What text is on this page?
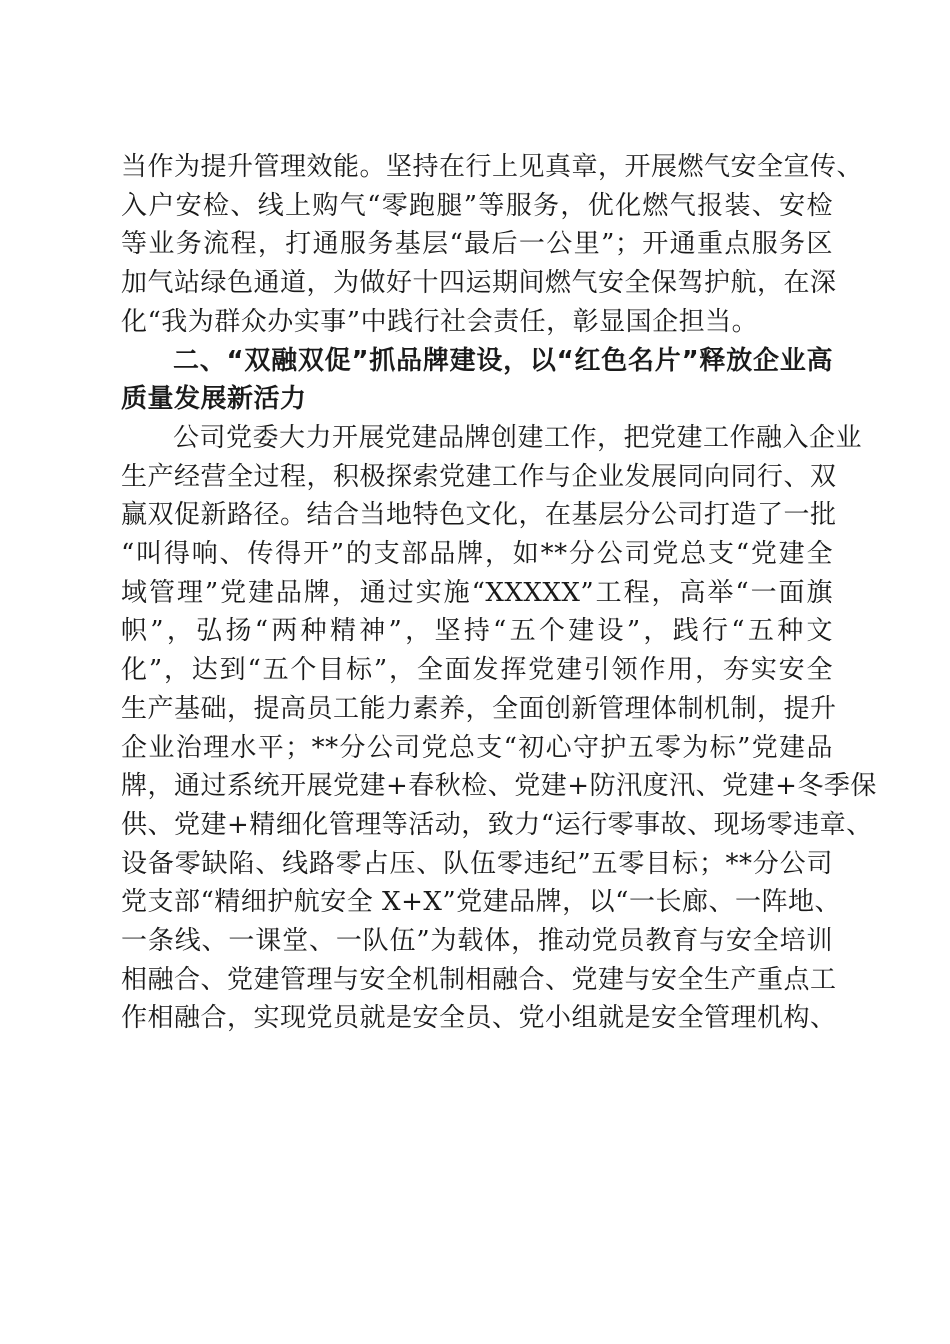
当作为提升管理效能。坚持在行上见真章，开展燃气安全宣传、
入户安检、线上购气“零跑腿”等服务，优化燃气报装、安检
等业务流程，打通服务基层“最后一公里”；开通重点服务区
加气站绿色通道，为做好十四运期间燃气安全保驾护航，在深
化“我为群众办实事”中践行社会责任，彰显国企担当。
二、“双融双促”抓品牌建设，以“红色名片”释放企业高
质量发展新活力
公司党委大力开展党建品牌创建工作，把党建工作融入企业
生产经营全过程，积极探索党建工作与企业发展同向同行、双
赢双促新路径。结合当地特色文化，在基层分公司打造了一批
“叫得响、传得开”的支部品牌，如**分公司党总支“党建全
域管理”党建品牌，通过实施“XXXXX”工程，高举“一面旗
帜”，弘扬“两种精神”，坚持“五个建设”，践行“五种文
化”，达到“五个目标”，全面发挥党建引领作用，夯实安全
生产基础，提高员工能力素养，全面创新管理体制机制，提升
企业治理水平；**分公司党总支“初心守护五零为标”党建品
牌，通过系统开展党建+春秋检、党建+防汛度汛、党建+冬季保
供、党建+精细化管理等活动，致力“运行零事故、现场零违章、
设备零缺陷、线路零占压、队伍零违纪”五零目标；**分公司
党支部“精细护航安全 X+X”党建品牌，以“一长廊、一阵地、
一条线、一课堂、一队伍”为载体，推动党员教育与安全培训
相融合、党建管理与安全机制相融合、党建与安全生产重点工
作相融合，实现党员就是安全员、党小组就是安全管理机构、
